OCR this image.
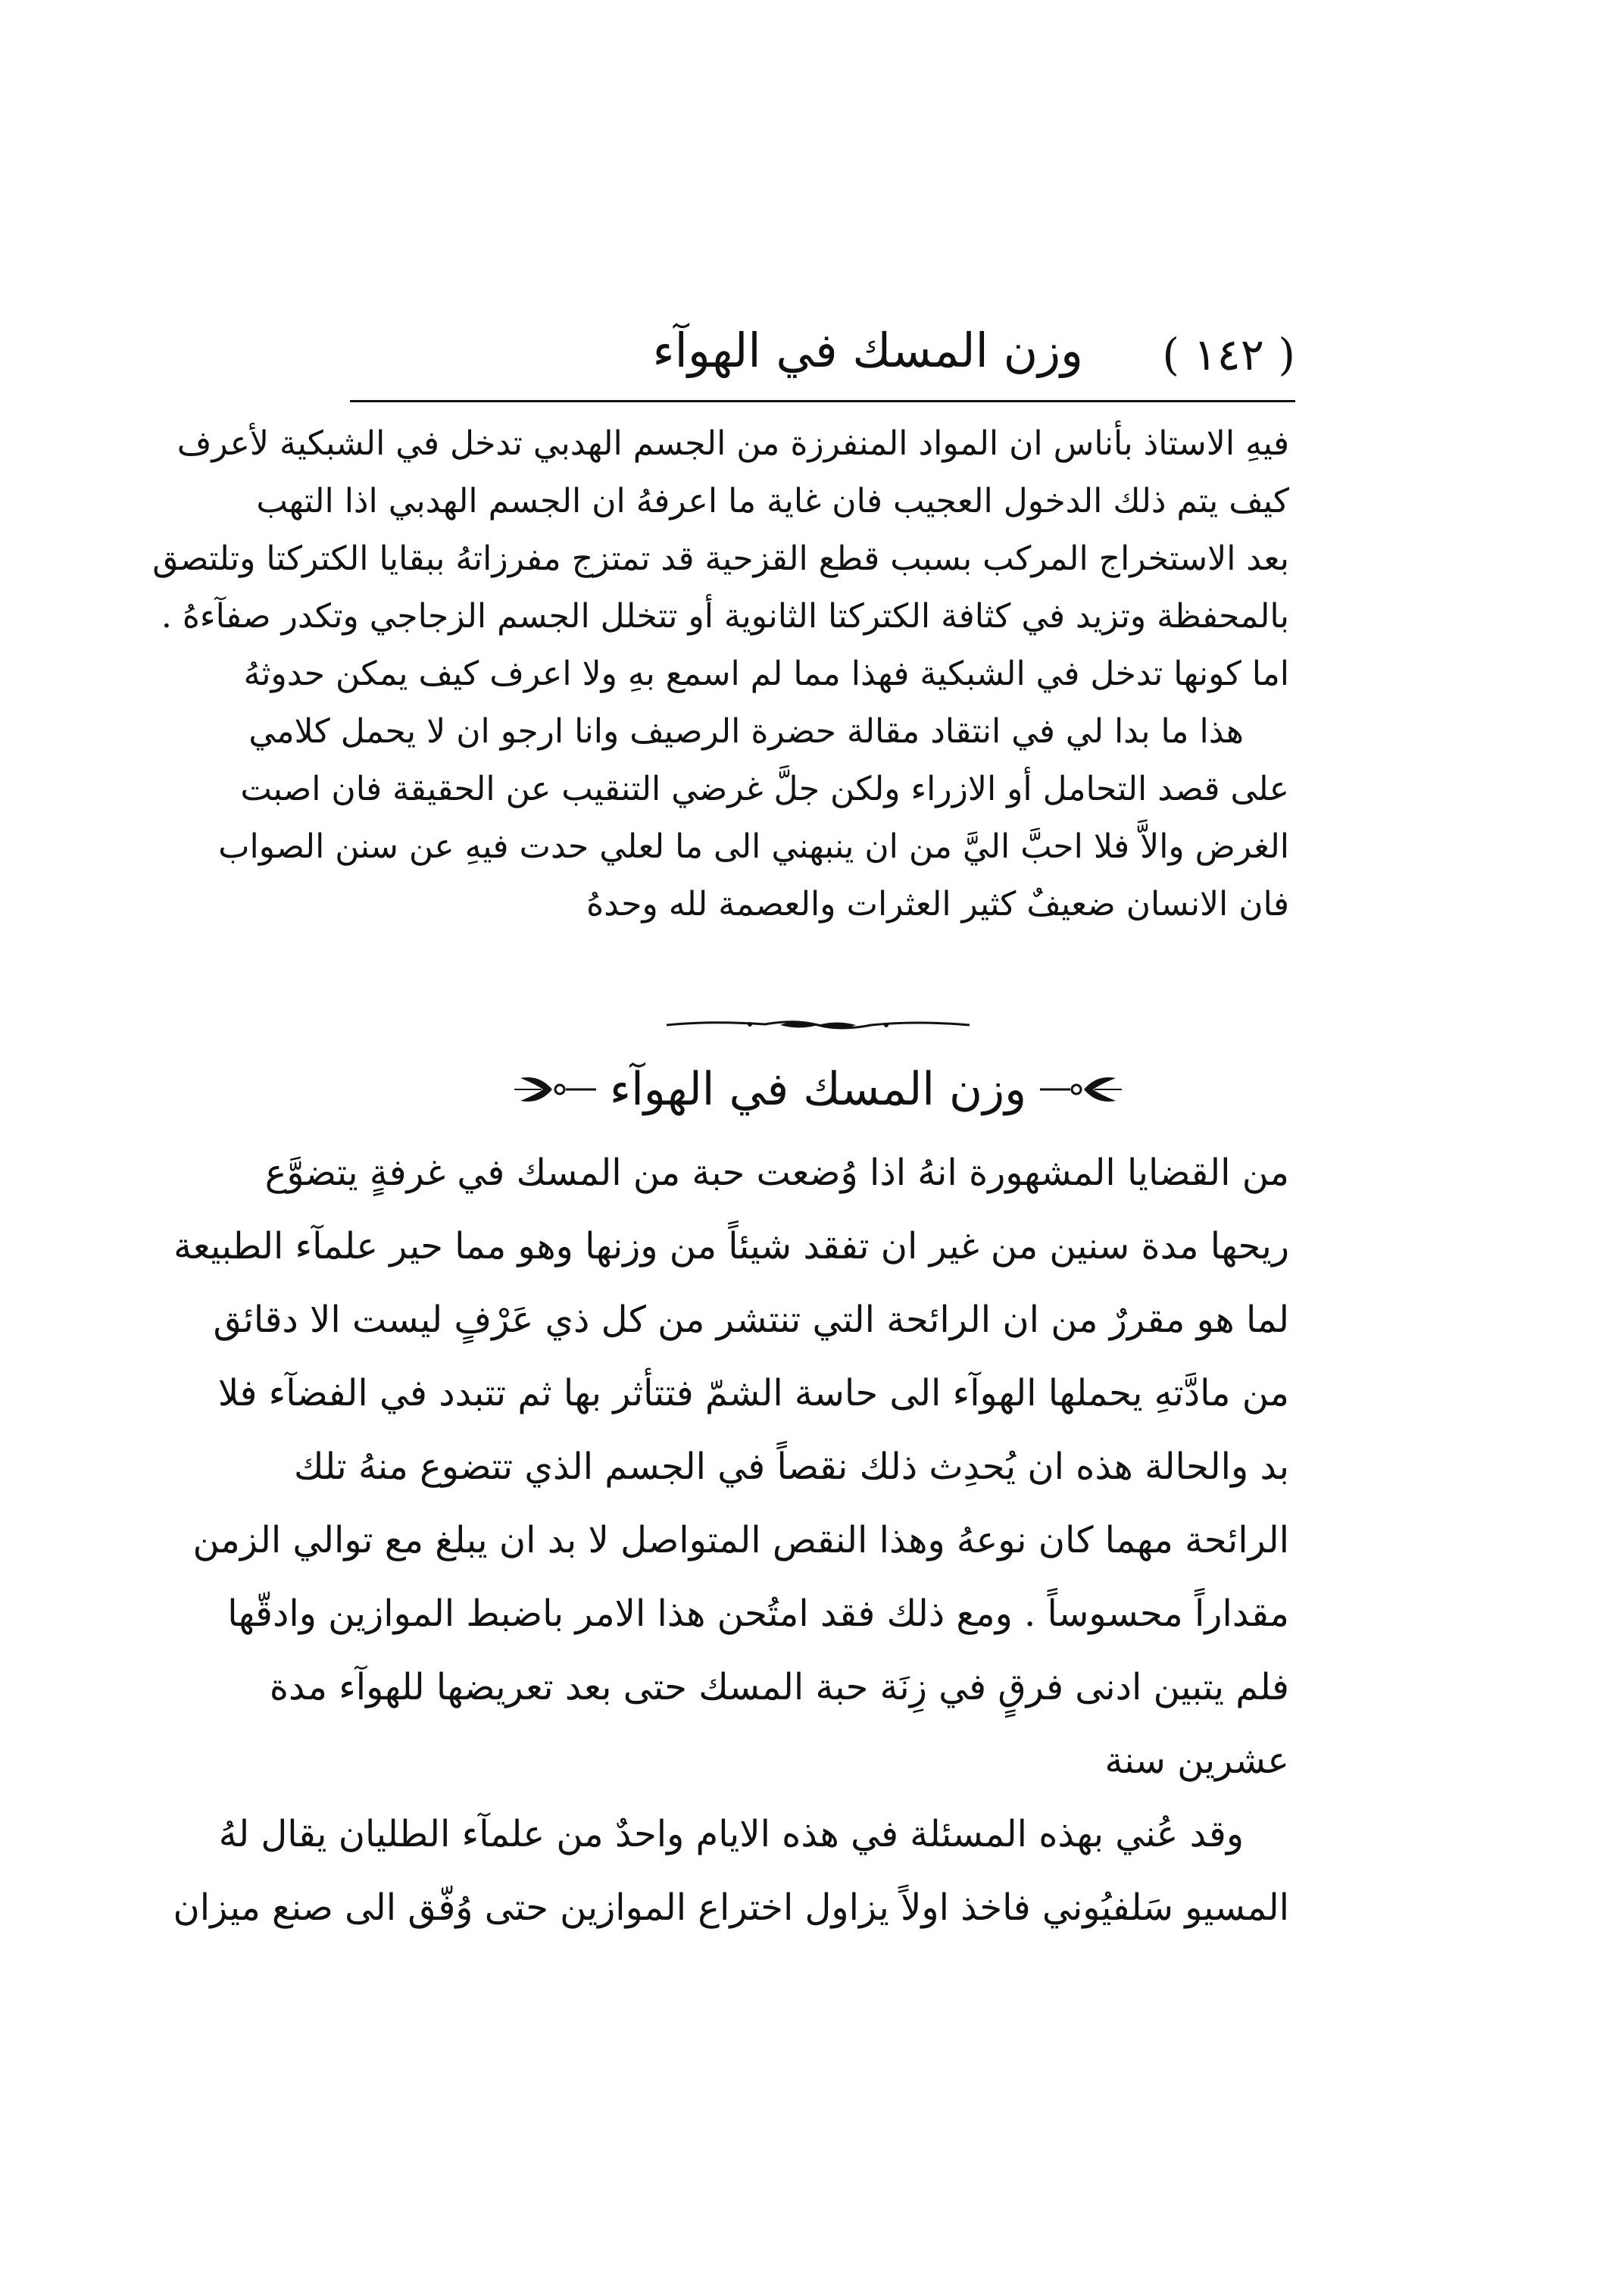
( ١٤٢ )
وزن المسك في الهوآء
فيهِ الاستاذ بأناس ان المواد المنفرزة من الجسم الهدبي تدخل في الشبكية لأعرف
كيف يتم ذلك الدخول العجيب فان غاية ما اعرفهُ ان الجسم الهدبي اذا التهب
بعد الاستخراج المركب بسبب قطع القزحية قد تمتزج مفرزاتهُ ببقايا الكتركتا وتلتصق
بالمحفظة وتزيد في كثافة الكتركتا الثانوية أو تتخلل الجسم الزجاجي وتكدر صفآءهُ .
اما كونها تدخل في الشبكية فهذا مما لم اسمع بهِ ولا اعرف كيف يمكن حدوثهُ
هذا ما بدا لي في انتقاد مقالة حضرة الرصيف وانا ارجو ان لا يحمل كلامي
على قصد التحامل أو الازراء ولكن جلَّ غرضي التنقيب عن الحقيقة فان اصبت
الغرض والاَّ فلا احبَّ اليَّ من ان ينبهني الى ما لعلي حدت فيهِ عن سنن الصواب
فان الانسان ضعيفٌ كثير العثرات والعصمة لله وحدهُ
وزن المسك في الهوآء
من القضايا المشهورة انهُ اذا وُضعت حبة من المسك في غرفةٍ يتضوَّع
ريحها مدة سنين من غير ان تفقد شيئاً من وزنها وهو مما حير علمآء الطبيعة
لما هو مقررٌ من ان الرائحة التي تنتشر من كل ذي عَرْفٍ ليست الا دقائق
من مادَّتهِ يحملها الهوآء الى حاسة الشمّ فتتأثر بها ثم تتبدد في الفضآء فلا
بد والحالة هذه ان يُحدِث ذلك نقصاً في الجسم الذي تتضوع منهُ تلك
الرائحة مهما كان نوعهُ وهذا النقص المتواصل لا بد ان يبلغ مع توالي الزمن
مقداراً محسوساً . ومع ذلك فقد امتُحن هذا الامر باضبط الموازين وادقّها
فلم يتبين ادنى فرقٍ في زِنَة حبة المسك حتى بعد تعريضها للهوآء مدة
عشرين سنة
وقد عُني بهذه المسئلة في هذه الايام واحدٌ من علمآء الطليان يقال لهُ
المسيو سَلفيُوني فاخذ اولاً يزاول اختراع الموازين حتى وُفّق الى صنع ميزان
